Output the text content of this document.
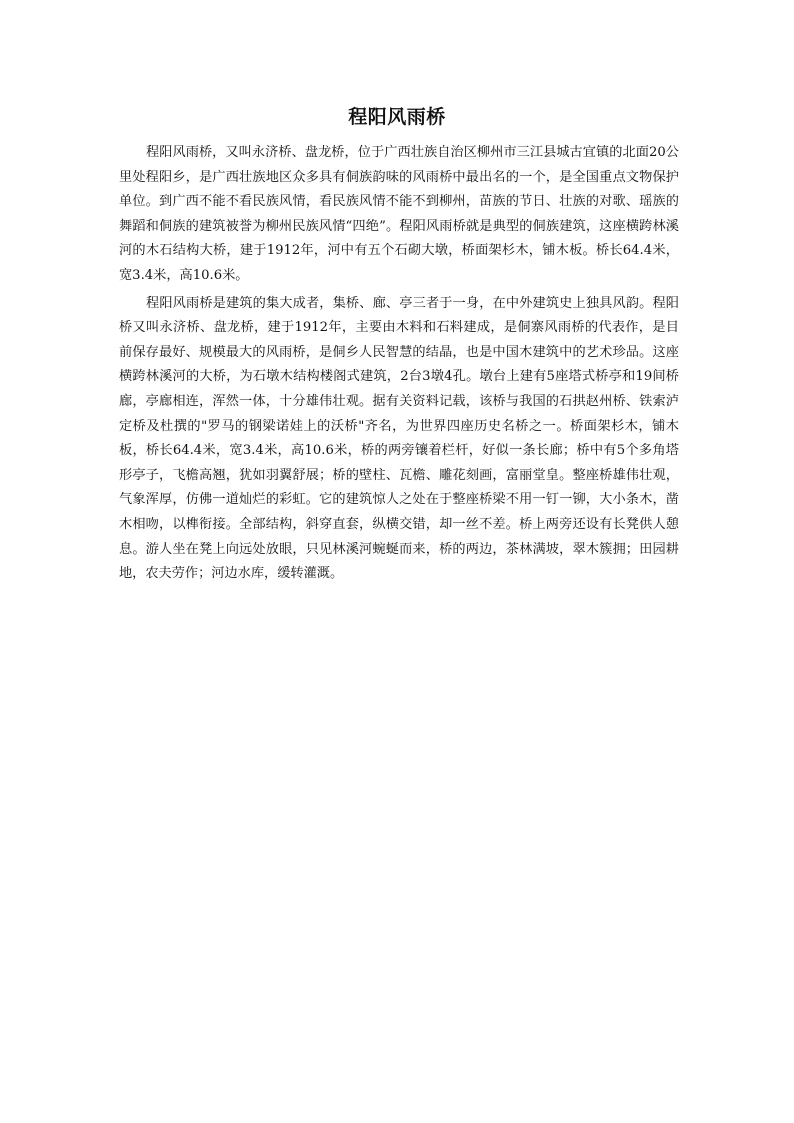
程阳风雨桥

程阳风雨桥，又叫永济桥、盘龙桥，位于广西壮族自治区柳州市三江县城古宜镇的北面20公里处程阳乡，是广西壮族地区众多具有侗族韵味的风雨桥中最出名的一个，是全国重点文物保护单位。到广西不能不看民族风情，看民族风情不能不到柳州，苗族的节日、壮族的对歌、瑶族的舞蹈和侗族的建筑被誉为柳州民族风情“四绝”。程阳风雨桥就是典型的侗族建筑，这座横跨林溪河的木石结构大桥，建于1912年，河中有五个石砌大墩，桥面架杉木，铺木板。桥长64.4米，宽3.4米，高10.6米。

程阳风雨桥是建筑的集大成者，集桥、廊、亭三者于一身，在中外建筑史上独具风韵。程阳桥又叫永济桥、盘龙桥，建于1912年，主要由木料和石料建成，是侗寨风雨桥的代表作，是目前保存最好、规模最大的风雨桥，是侗乡人民智慧的结晶，也是中国木建筑中的艺术珍品。这座横跨林溪河的大桥，为石墩木结构楼阁式建筑，2台3墩4孔。墩台上建有5座塔式桥亭和19间桥廊，亭廊相连，浑然一体，十分雄伟壮观。据有关资料记载，该桥与我国的石拱赵州桥、铁索泸定桥及杜撰的"罗马的钢梁诺娃上的沃桥"齐名，为世界四座历史名桥之一。桥面架杉木，铺木板，桥长64.4米，宽3.4米，高10.6米，桥的两旁镶着栏杆，好似一条长廊；桥中有5个多角塔形亭子，飞檐高翘，犹如羽翼舒展；桥的壁柱、瓦檐、雕花刻画，富丽堂皇。整座桥雄伟壮观，气象浑厚，仿佛一道灿烂的彩虹。它的建筑惊人之处在于整座桥梁不用一钉一铆，大小条木，凿木相吻，以榫衔接。全部结构，斜穿直套，纵横交错，却一丝不差。桥上两旁还设有长凳供人憩息。游人坐在凳上向远处放眼，只见林溪河蜿蜒而来，桥的两边，茶林满坡，翠木簇拥；田园耕地，农夫劳作；河边水库，缓转灌溉。
